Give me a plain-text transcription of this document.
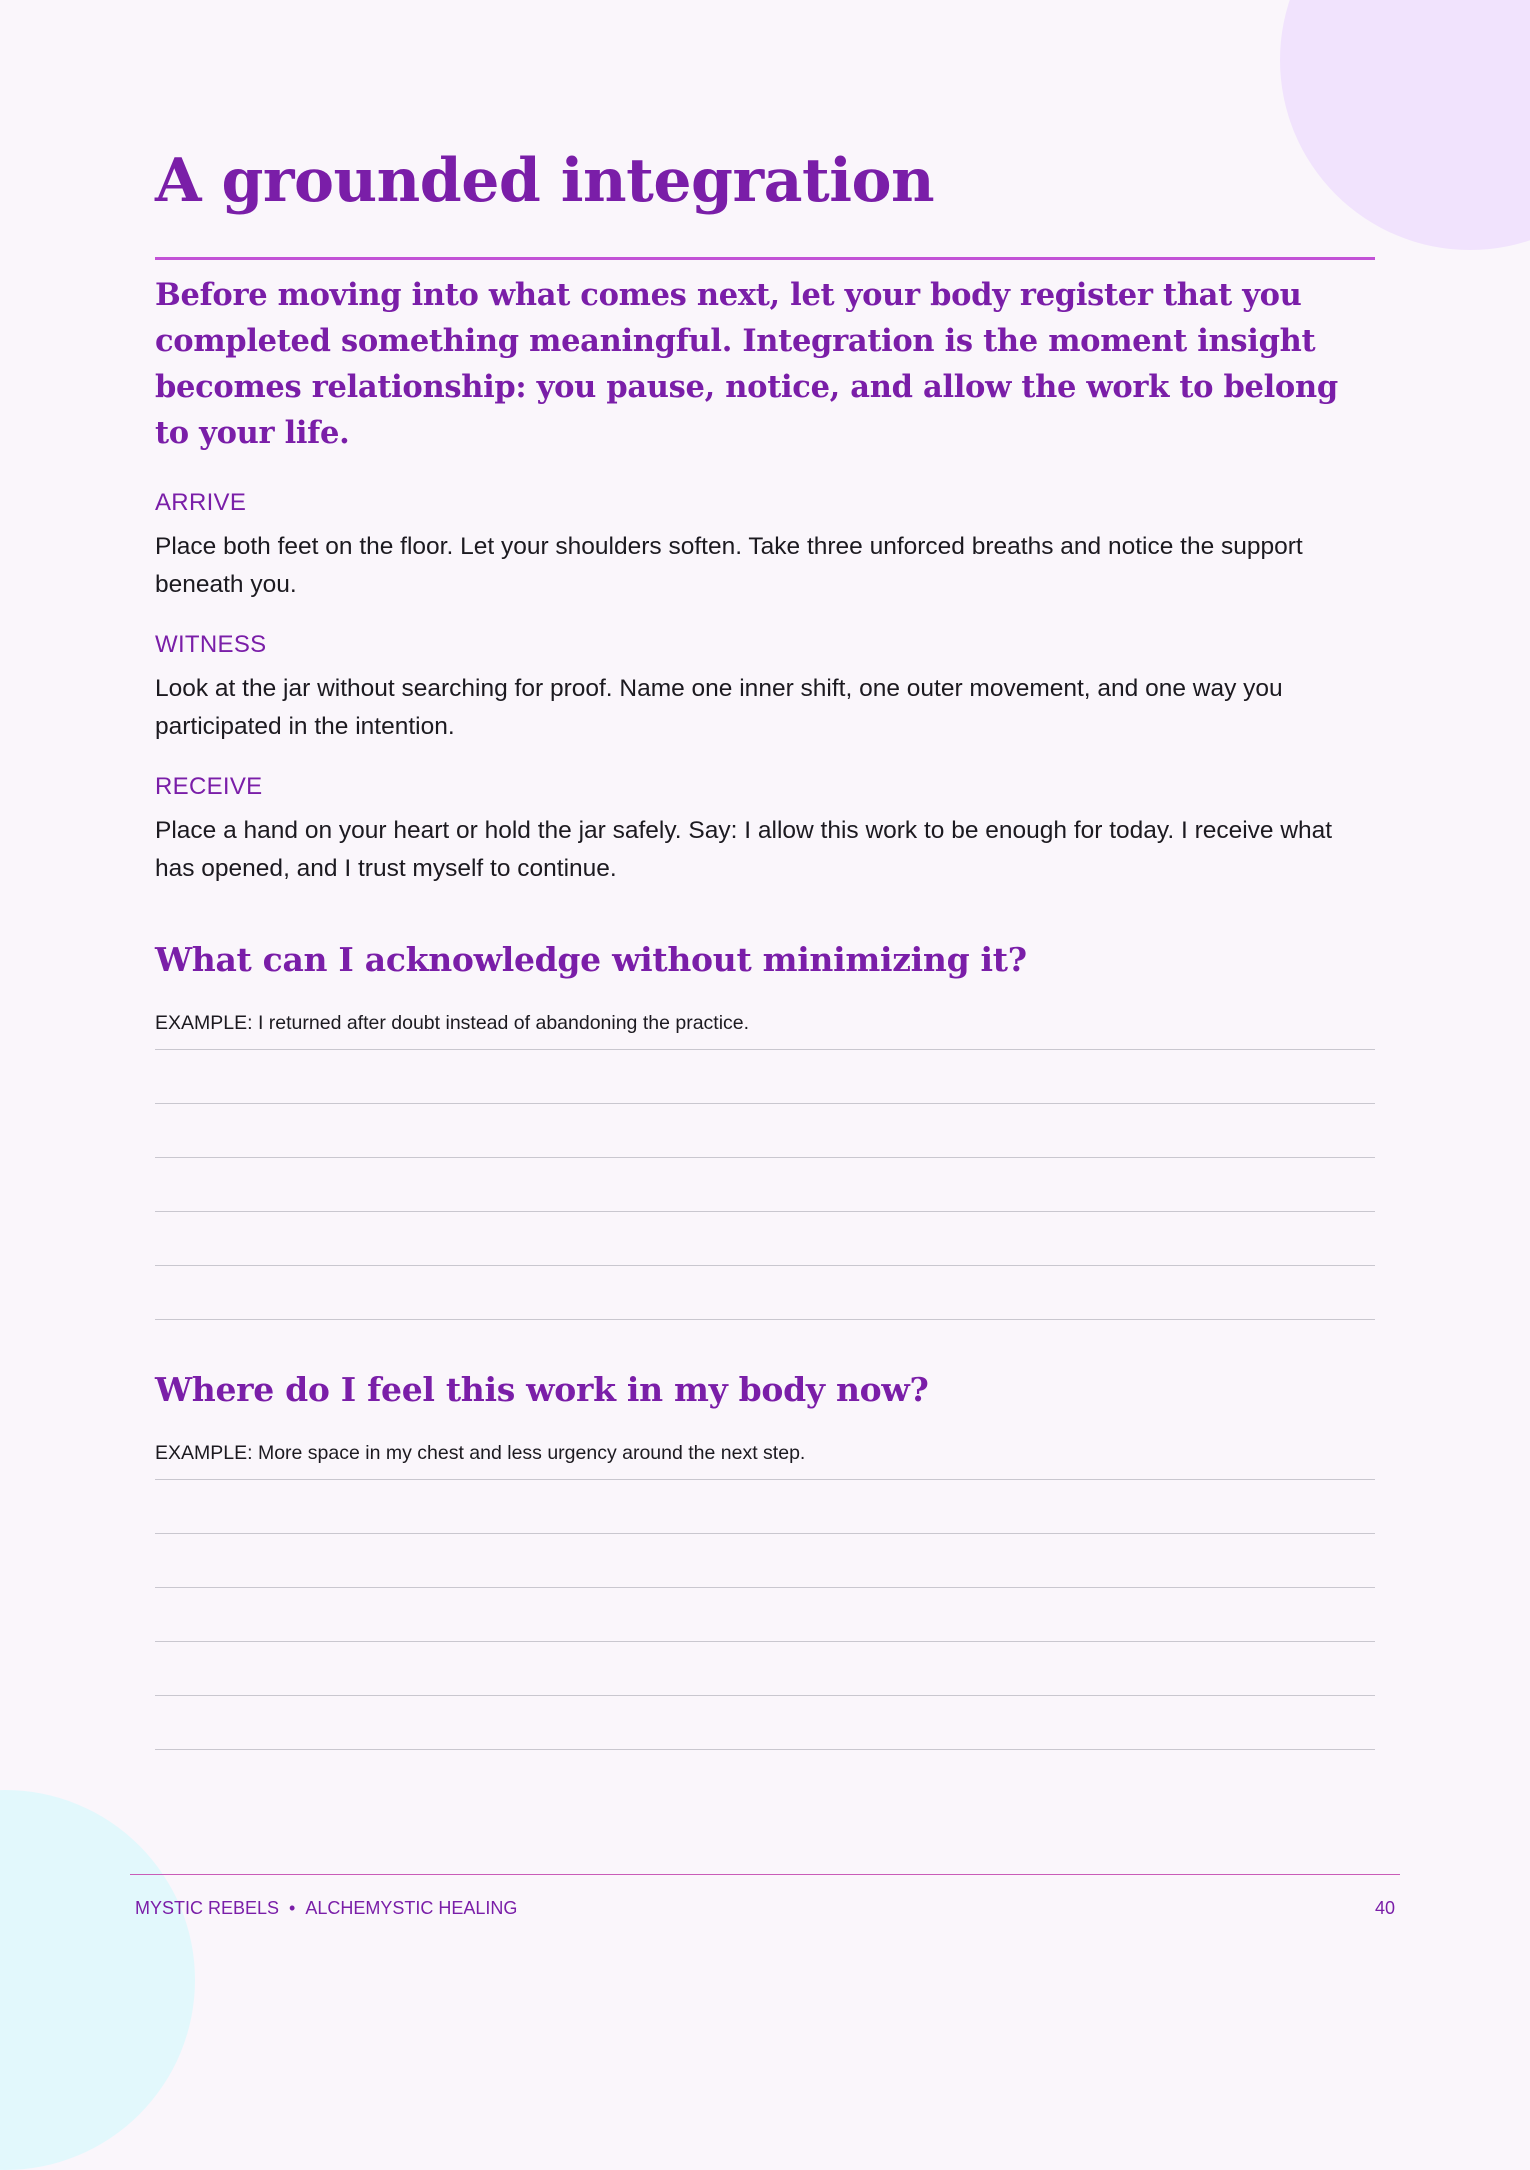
A grounded integration

Before moving into what comes next, let your body register that you completed something meaningful. Integration is the moment insight becomes relationship: you pause, notice, and allow the work to belong to your life.

ARRIVE
Place both feet on the floor. Let your shoulders soften. Take three unforced breaths and notice the support beneath you.
WITNESS
Look at the jar without searching for proof. Name one inner shift, one outer movement, and one way you participated in the intention.
RECEIVE
Place a hand on your heart or hold the jar safely. Say: I allow this work to be enough for today. I receive what has opened, and I trust myself to continue.
What can I acknowledge without minimizing it?
EXAMPLE: I returned after doubt instead of abandoning the practice.
Where do I feel this work in my body now?
EXAMPLE: More space in my chest and less urgency around the next step.
MYSTIC REBELS • ALCHEMYSTIC HEALING	40
